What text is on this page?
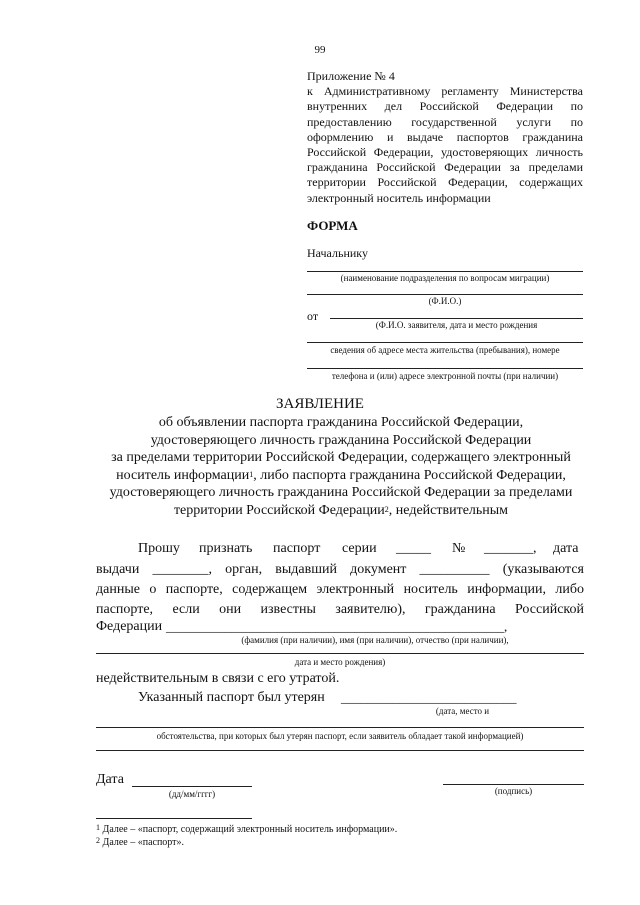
99
Приложение № 4
к Административному регламенту Министерства внутренних дел Российской Федерации по предоставлению государственной услуги по оформлению и выдаче паспортов гражданина Российской Федерации, удостоверяющих личность гражданина Российской Федерации за пределами территории Российской Федерации, содержащих электронный носитель информации
ФОРМА
Начальнику
(наименование подразделения по вопросам миграции)
(Ф.И.О.)
от
(Ф.И.О. заявителя, дата и место рождения
сведения об адресе места жительства (пребывания), номере
телефона и (или) адресе электронной почты (при наличии)
ЗАЯВЛЕНИЕ
об объявлении паспорта гражданина Российской Федерации,
удостоверяющего личность гражданина Российской Федерации
за пределами территории Российской Федерации, содержащего электронный
носитель информации$^1$, либо паспорта гражданина Российской Федерации,
удостоверяющего личность гражданина Российской Федерации за пределами
территории Российской Федерации$^2$, недействительным
Прошу признать паспорт серии _____ № _______, дата
выдачи ________, орган, выдавший документ __________ (указываются
данные о паспорте, содержащем электронный носитель информации, либо
паспорте, если они известны заявителю), гражданина Российской
Федерации ____________________________________________________,
(фамилия (при наличии), имя (при наличии), отчество (при наличии),
дата и место рождения)
недействительным в связи с его утратой.
Указанный паспорт был утерян ___________________________
(дата, место и
обстоятельства, при которых был утерян паспорт, если заявитель обладает такой информацией)
Дата
(дд/мм/гггг)	(подпись)
$^1$ Далее – «паспорт, содержащий электронный носитель информации».
$^2$ Далее – «паспорт».
